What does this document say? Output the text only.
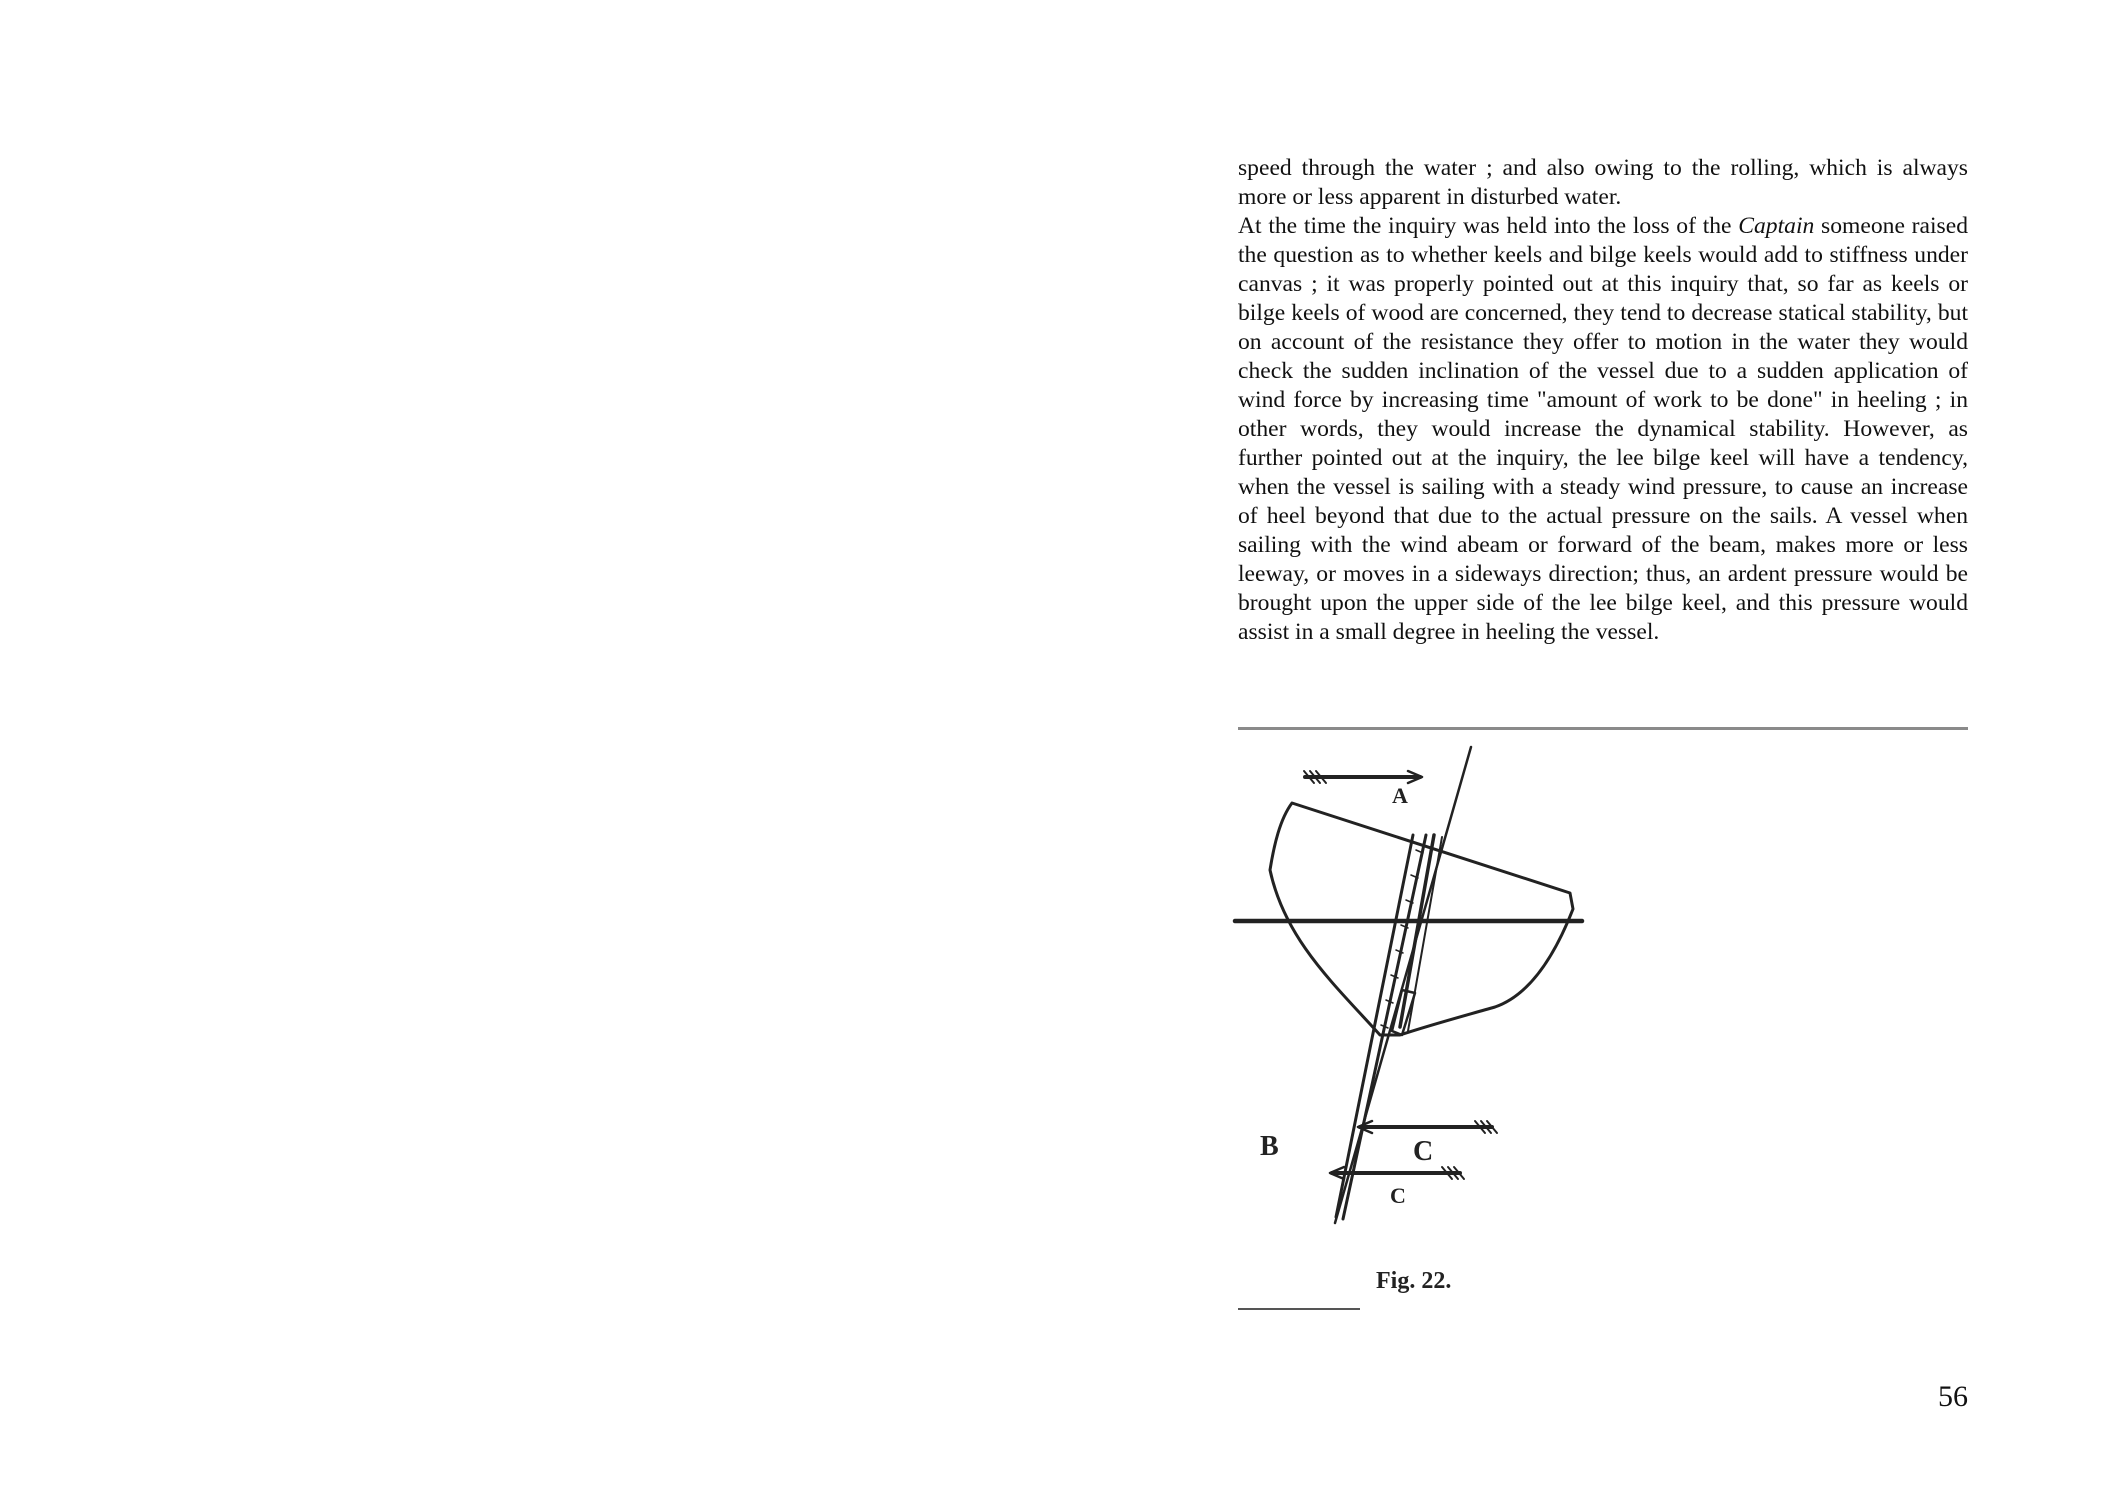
speed through the water ; and also owing to the rolling, which is always more or less apparent in disturbed water.

At the time the inquiry was held into the loss of the Captain someone raised the question as to whether keels and bilge keels would add to stiffness under canvas ; it was properly pointed out at this inquiry that, so far as keels or bilge keels of wood are concerned, they tend to decrease statical stability, but on account of the resistance they offer to motion in the water they would check the sudden inclination of the vessel due to a sudden application of wind force by increasing time "amount of work to be done" in heeling ; in other words, they would increase the dynamical stability. However, as further pointed out at the inquiry, the lee bilge keel will have a tendency, when the vessel is sailing with a steady wind pressure, to cause an increase of heel beyond that due to the actual pressure on the sails. A vessel when sailing with the wind abeam or forward of the beam, makes more or less leeway, or moves in a sideways direction; thus, an ardent pressure would be brought upon the upper side of the lee bilge keel, and this pressure would assist in a small degree in heeling the vessel.

A
B	C
C
Fig. 22.
56
